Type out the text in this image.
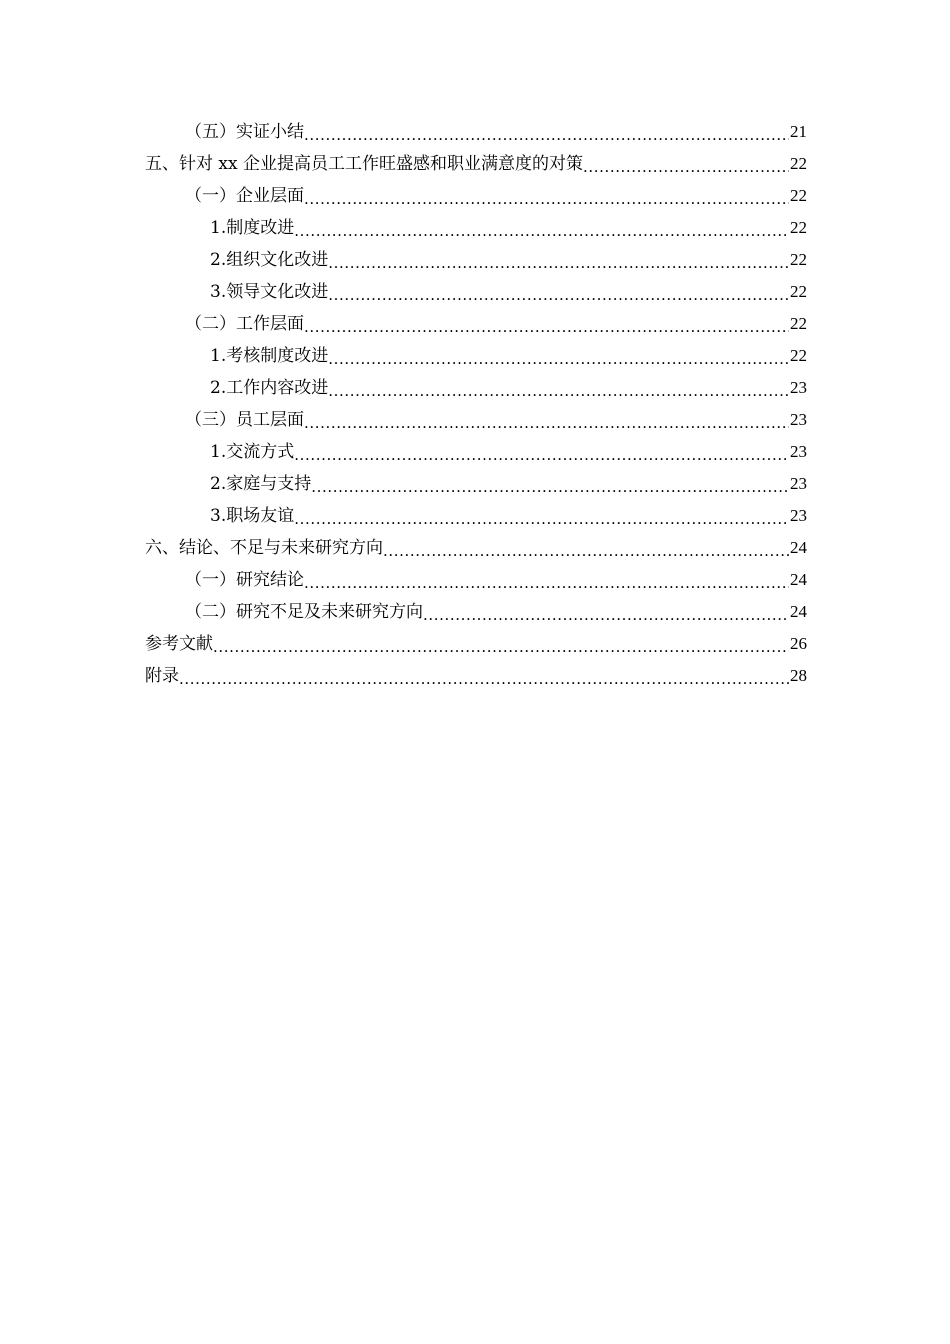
（五）实证小结 .....	21
五、针对 xx 企业提高员工工作旺盛感和职业满意度的对策 .....	22
（一）企业层面 .....	22
1.制度改进 .....	22
2.组织文化改进 .....	22
3.领导文化改进 .....	22
（二）工作层面 .....	22
1.考核制度改进 .....	22
2.工作内容改进 .....	23
（三）员工层面 .....	23
1.交流方式 .....	23
2.家庭与支持 .....	23
3.职场友谊 .....	23
六、结论、不足与未来研究方向 .....	24
（一）研究结论 .....	24
（二）研究不足及未来研究方向 .....	24
参考文献 .....	26
附录 .....	28
